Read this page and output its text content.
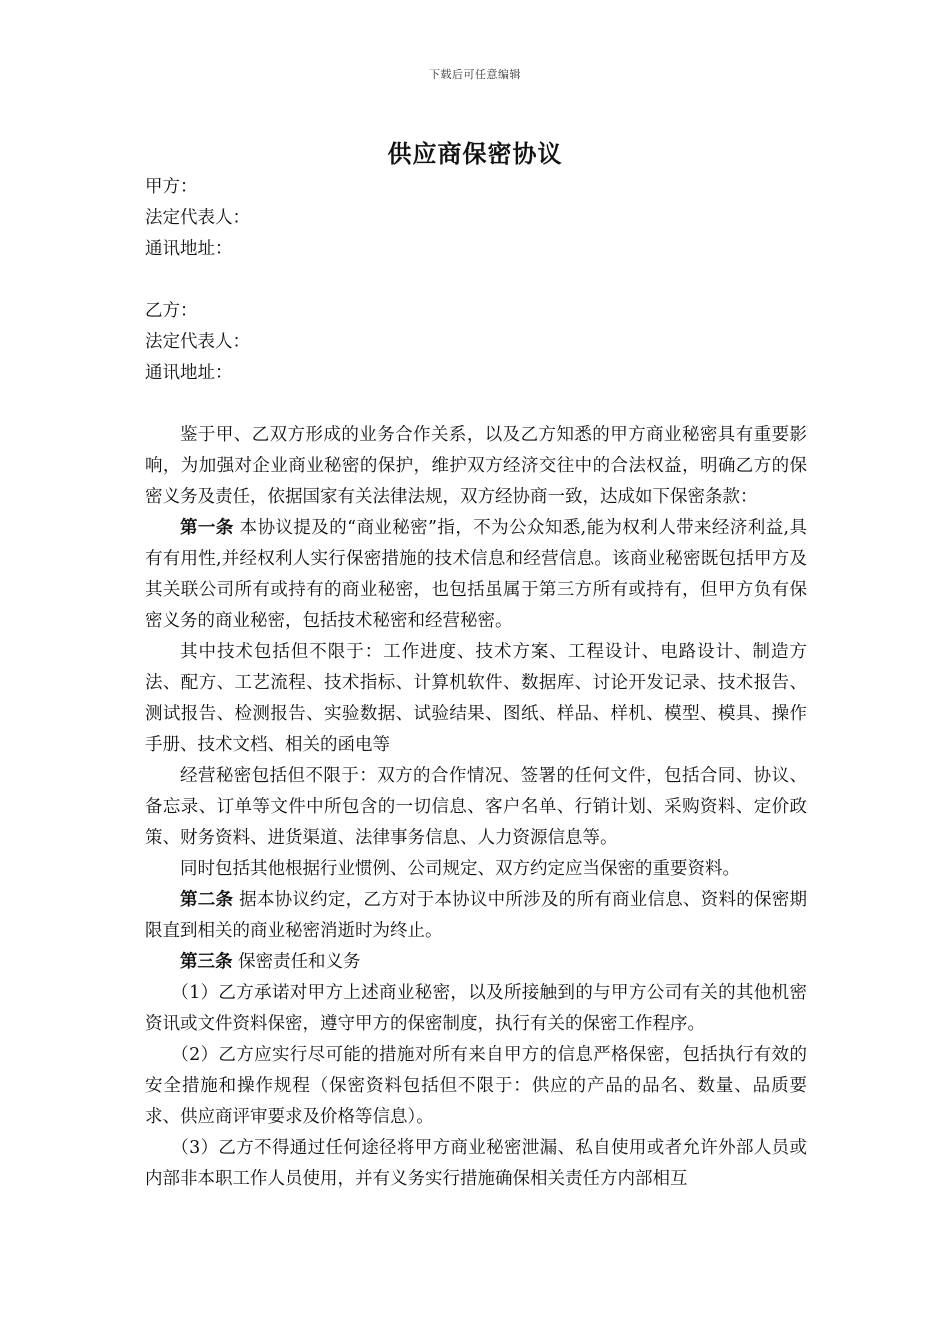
下载后可任意编辑
供应商保密协议
甲方：
法定代表人：
通讯地址：
乙方：
法定代表人：
通讯地址：

鉴于甲、乙双方形成的业务合作关系，以及乙方知悉的甲方商业秘密具有重要影响，为加强对企业商业秘密的保护，维护双方经济交往中的合法权益，明确乙方的保密义务及责任，依据国家有关法律法规，双方经协商一致，达成如下保密条款：

第一条 本协议提及的“商业秘密”指，不为公众知悉,能为权利人带来经济利益,具有有用性,并经权利人实行保密措施的技术信息和经营信息。该商业秘密既包括甲方及其关联公司所有或持有的商业秘密，也包括虽属于第三方所有或持有，但甲方负有保密义务的商业秘密，包括技术秘密和经营秘密。

其中技术包括但不限于：工作进度、技术方案、工程设计、电路设计、制造方法、配方、工艺流程、技术指标、计算机软件、数据库、讨论开发记录、技术报告、测试报告、检测报告、实验数据、试验结果、图纸、样品、样机、模型、模具、操作手册、技术文档、相关的函电等

经营秘密包括但不限于：双方的合作情况、签署的任何文件，包括合同、协议、备忘录、订单等文件中所包含的一切信息、客户名单、行销计划、采购资料、定价政策、财务资料、进货渠道、法律事务信息、人力资源信息等。

同时包括其他根据行业惯例、公司规定、双方约定应当保密的重要资料。

第二条 据本协议约定，乙方对于本协议中所涉及的所有商业信息、资料的保密期限直到相关的商业秘密消逝时为终止。

第三条 保密责任和义务

（1）乙方承诺对甲方上述商业秘密，以及所接触到的与甲方公司有关的其他机密资讯或文件资料保密，遵守甲方的保密制度，执行有关的保密工作程序。

（2）乙方应实行尽可能的措施对所有来自甲方的信息严格保密，包括执行有效的安全措施和操作规程（保密资料包括但不限于：供应的产品的品名、数量、品质要求、供应商评审要求及价格等信息）。

（3）乙方不得通过任何途径将甲方商业秘密泄漏、私自使用或者允许外部人员或内部非本职工作人员使用，并有义务实行措施确保相关责任方内部相互
